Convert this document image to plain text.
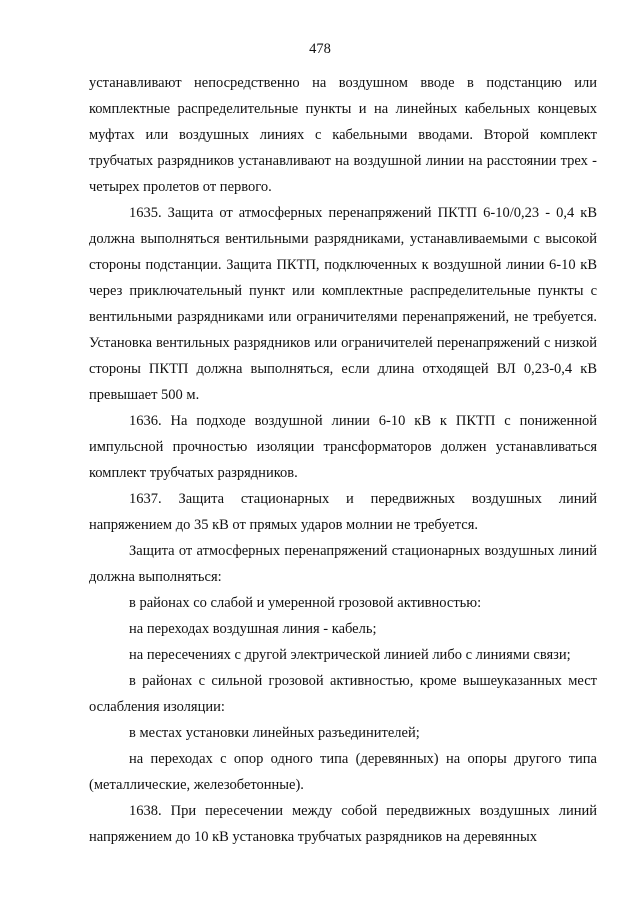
478

устанавливают непосредственно на воздушном вводе в подстанцию или комплектные распределительные пункты и на линейных кабельных концевых муфтах или воздушных линиях с кабельными вводами. Второй комплект трубчатых разрядников устанавливают на воздушной линии на расстоянии трех - четырех пролетов от первого.

1635. Защита от атмосферных перенапряжений ПКТП 6-10/0,23 - 0,4 кВ должна выполняться вентильными разрядниками, устанавливаемыми с высокой стороны подстанции. Защита ПКТП, подключенных к воздушной линии 6-10 кВ через приключательный пункт или комплектные распределительные пункты с вентильными разрядниками или ограничителями перенапряжений, не требуется. Установка вентильных разрядников или ограничителей перенапряжений с низкой стороны ПКТП должна выполняться, если длина отходящей ВЛ 0,23-0,4 кВ превышает 500 м.

1636. На подходе воздушной линии 6-10 кВ к ПКТП с пониженной импульсной прочностью изоляции трансформаторов должен устанавливаться комплект трубчатых разрядников.

1637. Защита стационарных и передвижных воздушных линий напряжением до 35 кВ от прямых ударов молнии не требуется.

Защита от атмосферных перенапряжений стационарных воздушных линий должна выполняться:

в районах со слабой и умеренной грозовой активностью:

на переходах воздушная линия - кабель;

на пересечениях с другой электрической линией либо с линиями связи;

в районах с сильной грозовой активностью, кроме вышеуказанных мест ослабления изоляции:

в местах установки линейных разъединителей;

на переходах с опор одного типа (деревянных) на опоры другого типа (металлические, железобетонные).

1638. При пересечении между собой передвижных воздушных линий напряжением до 10 кВ установка трубчатых разрядников на деревянных
